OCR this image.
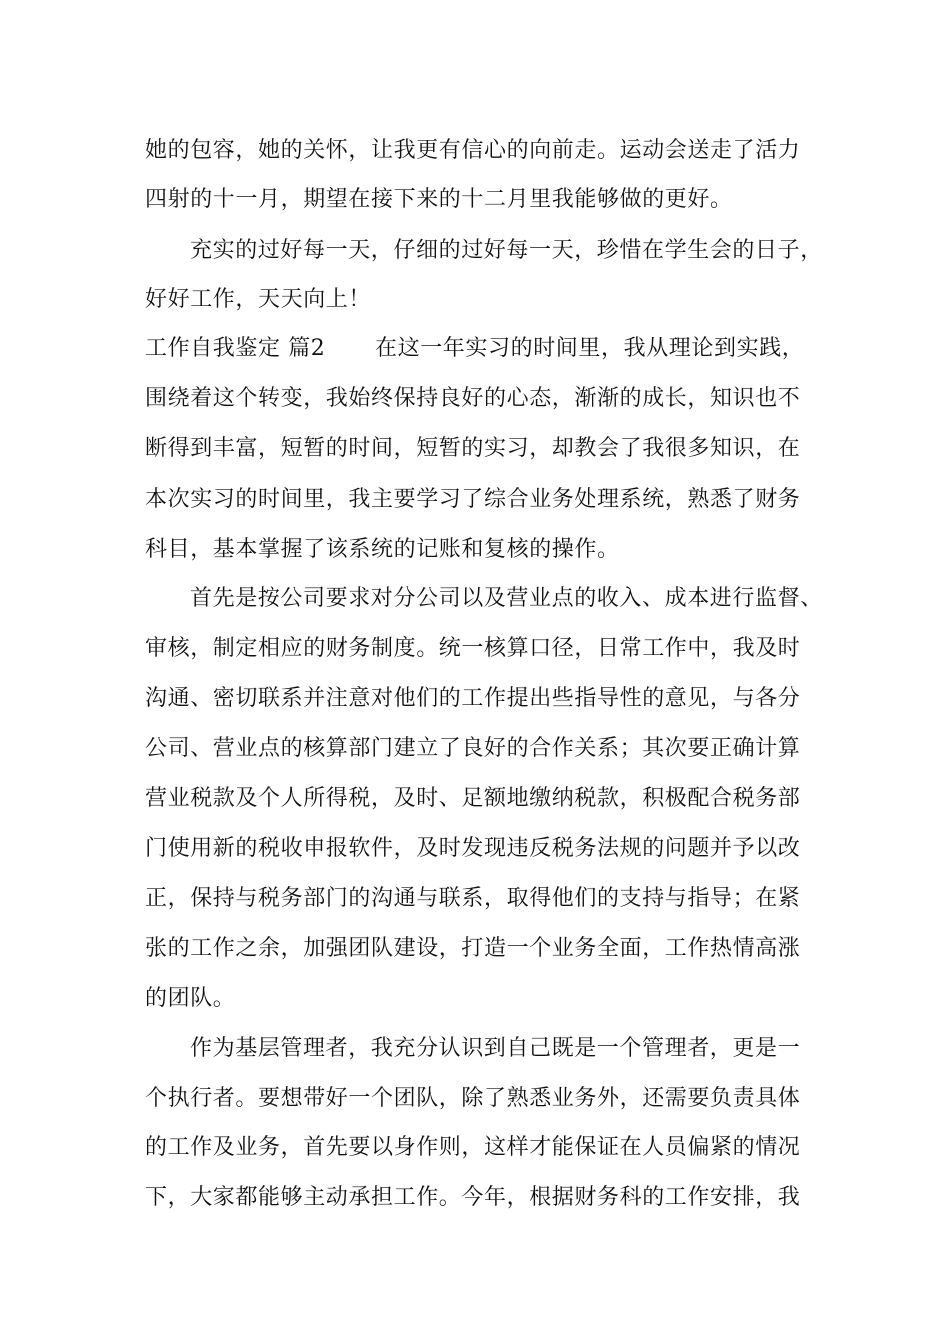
她的包容，她的关怀，让我更有信心的向前走。运动会送走了活力
四射的十一月，期望在接下来的十二月里我能够做的更好。
充实的过好每一天，仔细的过好每一天，珍惜在学生会的日子，
好好工作，天天向上！
工作自我鉴定 篇2 在这一年实习的时间里，我从理论到实践，
围绕着这个转变，我始终保持良好的心态，渐渐的成长，知识也不
断得到丰富，短暂的时间，短暂的实习，却教会了我很多知识，在
本次实习的时间里，我主要学习了综合业务处理系统，熟悉了财务
科目，基本掌握了该系统的记账和复核的操作。
首先是按公司要求对分公司以及营业点的收入、成本进行监督、
审核，制定相应的财务制度。统一核算口径，日常工作中，我及时
沟通、密切联系并注意对他们的工作提出些指导性的意见，与各分
公司、营业点的核算部门建立了良好的合作关系；其次要正确计算
营业税款及个人所得税，及时、足额地缴纳税款，积极配合税务部
门使用新的税收申报软件，及时发现违反税务法规的问题并予以改
正，保持与税务部门的沟通与联系，取得他们的支持与指导；在紧
张的工作之余，加强团队建设，打造一个业务全面，工作热情高涨
的团队。
作为基层管理者，我充分认识到自己既是一个管理者，更是一
个执行者。要想带好一个团队，除了熟悉业务外，还需要负责具体
的工作及业务，首先要以身作则，这样才能保证在人员偏紧的情况
下，大家都能够主动承担工作。今年，根据财务科的工作安排，我
